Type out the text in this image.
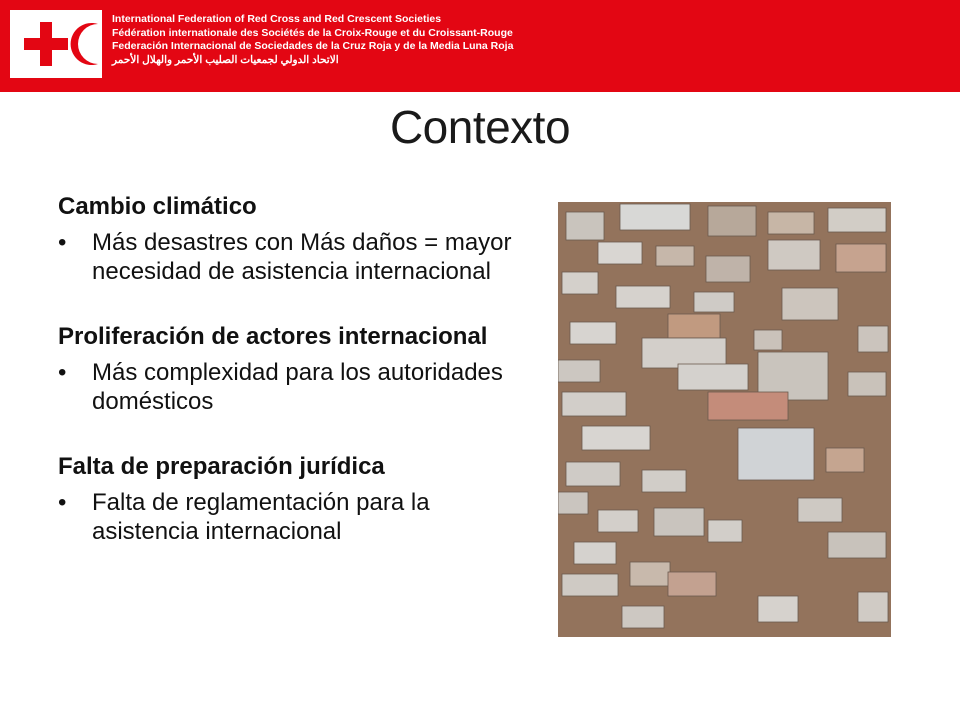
International Federation of Red Cross and Red Crescent Societies
Fédération internationale des Sociétés de la Croix-Rouge et du Croissant-Rouge
Federación Internacional de Sociedades de la Cruz Roja y de la Media Luna Roja
الاتحاد الدولي لجمعيات الصليب الأحمر والهلال الأحمر
Contexto
Cambio climático
• Más desastres con Más daños = mayor necesidad de asistencia internacional
Proliferación de actores internacional
• Más complexidad para los autoridades domésticos
Falta de preparación jurídica
• Falta de reglamentación para la asistencia internacional
